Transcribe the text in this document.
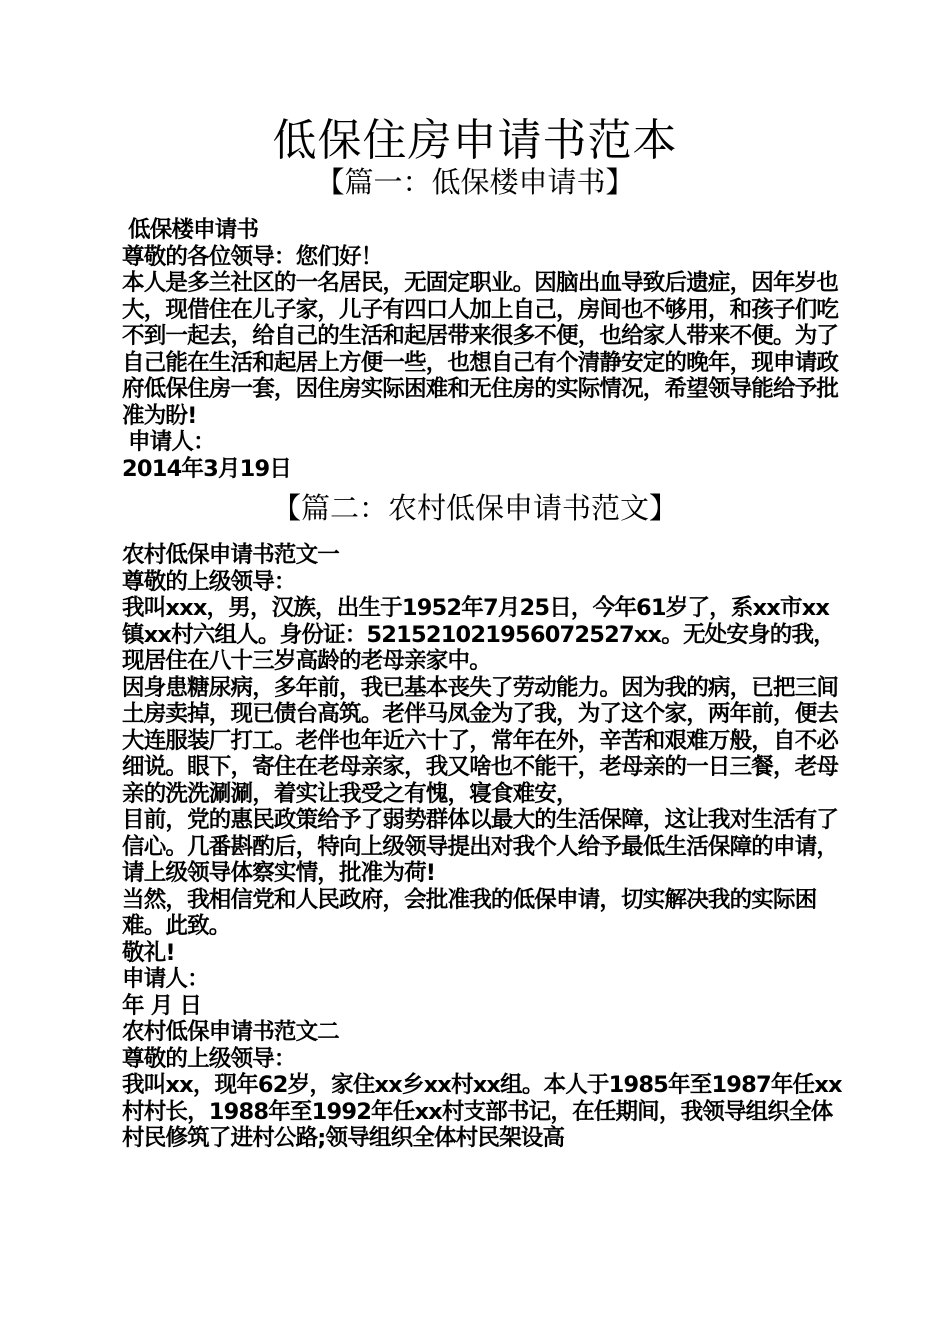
低保住房申请书范本
【篇一：低保楼申请书】

低保楼申请书

尊敬的各位领导：您们好！

本人是多兰社区的一名居民，无固定职业。因脑出血导致后遗症，因年岁也大，现借住在儿子家，儿子有四口人加上自己，房间也不够用，和孩子们吃不到一起去，给自己的生活和起居带来很多不便，也给家人带来不便。为了自己能在生活和起居上方便一些，也想自己有个清静安定的晚年，现申请政府低保住房一套，因住房实际困难和无住房的实际情况，希望领导能给予批准为盼!

申请人：

2014年3月19日

【篇二：农村低保申请书范文】

农村低保申请书范文一

尊敬的上级领导：

我叫xxx，男，汉族，出生于1952年7月25日，今年61岁了，系xx市xx镇xx村六组人。身份证：52152102195607252​7xx。无处安身的我，现居住在八十三岁高龄的老母亲家中。

因身患糖尿病，多年前，我已基本丧失了劳动能力。因为我的病，已把三间土房卖掉，现已债台高筑。老伴马凤金为了我，为了这个家，两年前，便去大连服装厂打工。老伴也年近六十了，常年在外，辛苦和艰难万般，自不必细说。眼下，寄住在老母亲家，我又啥也不能干，老母亲的一日三餐，老母亲的洗洗涮涮，着实让我受之有愧，寝食难安，

目前，党的惠民政策给予了弱势群体以最大的生活保障，这让我对生活有了信心。几番斟酌后，特向上级领导提出对我个人给予最低生活保障的申请，请上级领导体察实情，批准为荷!

当然，我相信党和人民政府，会批准我的低保申请，切实解决我的实际困难。此致。

敬礼!

申请人：

年 月 日

农村低保申请书范文二

尊敬的上级领导：

我叫xx，现年62岁，家住xx乡xx村xx组。本人于1985年至1987年任xx村村长，1988年至1992年任xx村支部书记，在任期间，我领导组织全体村民修筑了进村公路;领导组织全体村民架设高
